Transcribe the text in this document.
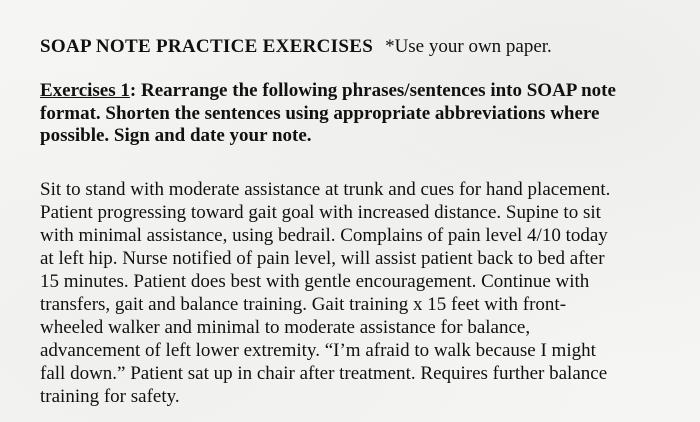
SOAP NOTE PRACTICE EXERCISES *Use your own paper.
Exercises 1: Rearrange the following phrases/sentences into SOAP note
format. Shorten the sentences using appropriate abbreviations where
possible. Sign and date your note.
Sit to stand with moderate assistance at trunk and cues for hand placement.
Patient progressing toward gait goal with increased distance. Supine to sit
with minimal assistance, using bedrail. Complains of pain level 4/10 today
at left hip. Nurse notified of pain level, will assist patient back to bed after
15 minutes. Patient does best with gentle encouragement. Continue with
transfers, gait and balance training. Gait training x 15 feet with front-
wheeled walker and minimal to moderate assistance for balance,
advancement of left lower extremity. “I’m afraid to walk because I might
fall down.” Patient sat up in chair after treatment. Requires further balance
training for safety.
